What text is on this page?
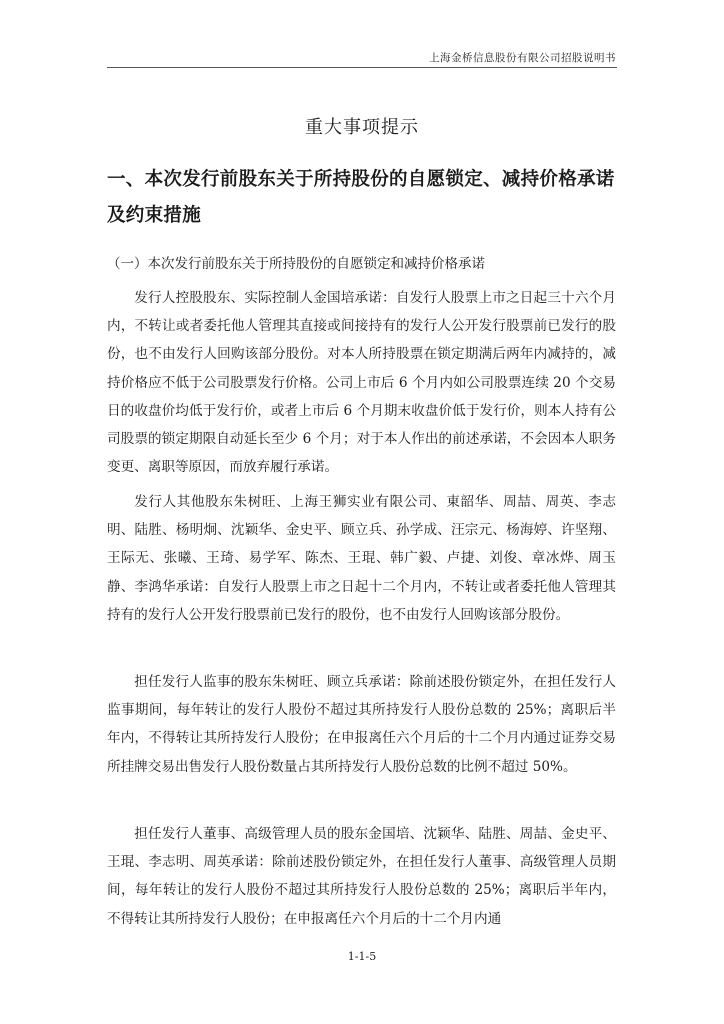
上海金桥信息股份有限公司招股说明书
重大事项提示
一、本次发行前股东关于所持股份的自愿锁定、减持价格承诺及约束措施
（一）本次发行前股东关于所持股份的自愿锁定和减持价格承诺

发行人控股股东、实际控制人金国培承诺：自发行人股票上市之日起三十六个月内，不转让或者委托他人管理其直接或间接持有的发行人公开发行股票前已发行的股份，也不由发行人回购该部分股份。对本人所持股票在锁定期满后两年内减持的，减持价格应不低于公司股票发行价格。公司上市后 6 个月内如公司股票连续 20 个交易日的收盘价均低于发行价，或者上市后 6 个月期末收盘价低于发行价，则本人持有公司股票的锁定期限自动延长至少 6 个月；对于本人作出的前述承诺，不会因本人职务变更、离职等原因，而放弃履行承诺。

发行人其他股东朱树旺、上海王狮实业有限公司、東韶华、周喆、周英、李志明、陆胜、杨明炯、沈颖华、金史平、顾立兵、孙学成、汪宗元、杨海婷、许坚翔、王际无、张曦、王琦、易学军、陈杰、王琨、韩广毅、卢捷、刘俊、章冰烨、周玉静、李鸿华承诺：自发行人股票上市之日起十二个月内，不转让或者委托他人管理其持有的发行人公开发行股票前已发行的股份，也不由发行人回购该部分股份。

担任发行人监事的股东朱树旺、顾立兵承诺：除前述股份锁定外，在担任发行人监事期间，每年转让的发行人股份不超过其所持发行人股份总数的 25%；离职后半年内，不得转让其所持发行人股份；在申报离任六个月后的十二个月内通过证券交易所挂牌交易出售发行人股份数量占其所持发行人股份总数的比例不超过 50%。

担任发行人董事、高级管理人员的股东金国培、沈颖华、陆胜、周喆、金史平、王琨、李志明、周英承诺：除前述股份锁定外，在担任发行人董事、高级管理人员期间，每年转让的发行人股份不超过其所持发行人股份总数的 25%；离职后半年内，不得转让其所持发行人股份；在申报离任六个月后的十二个月内通

1-1-5
